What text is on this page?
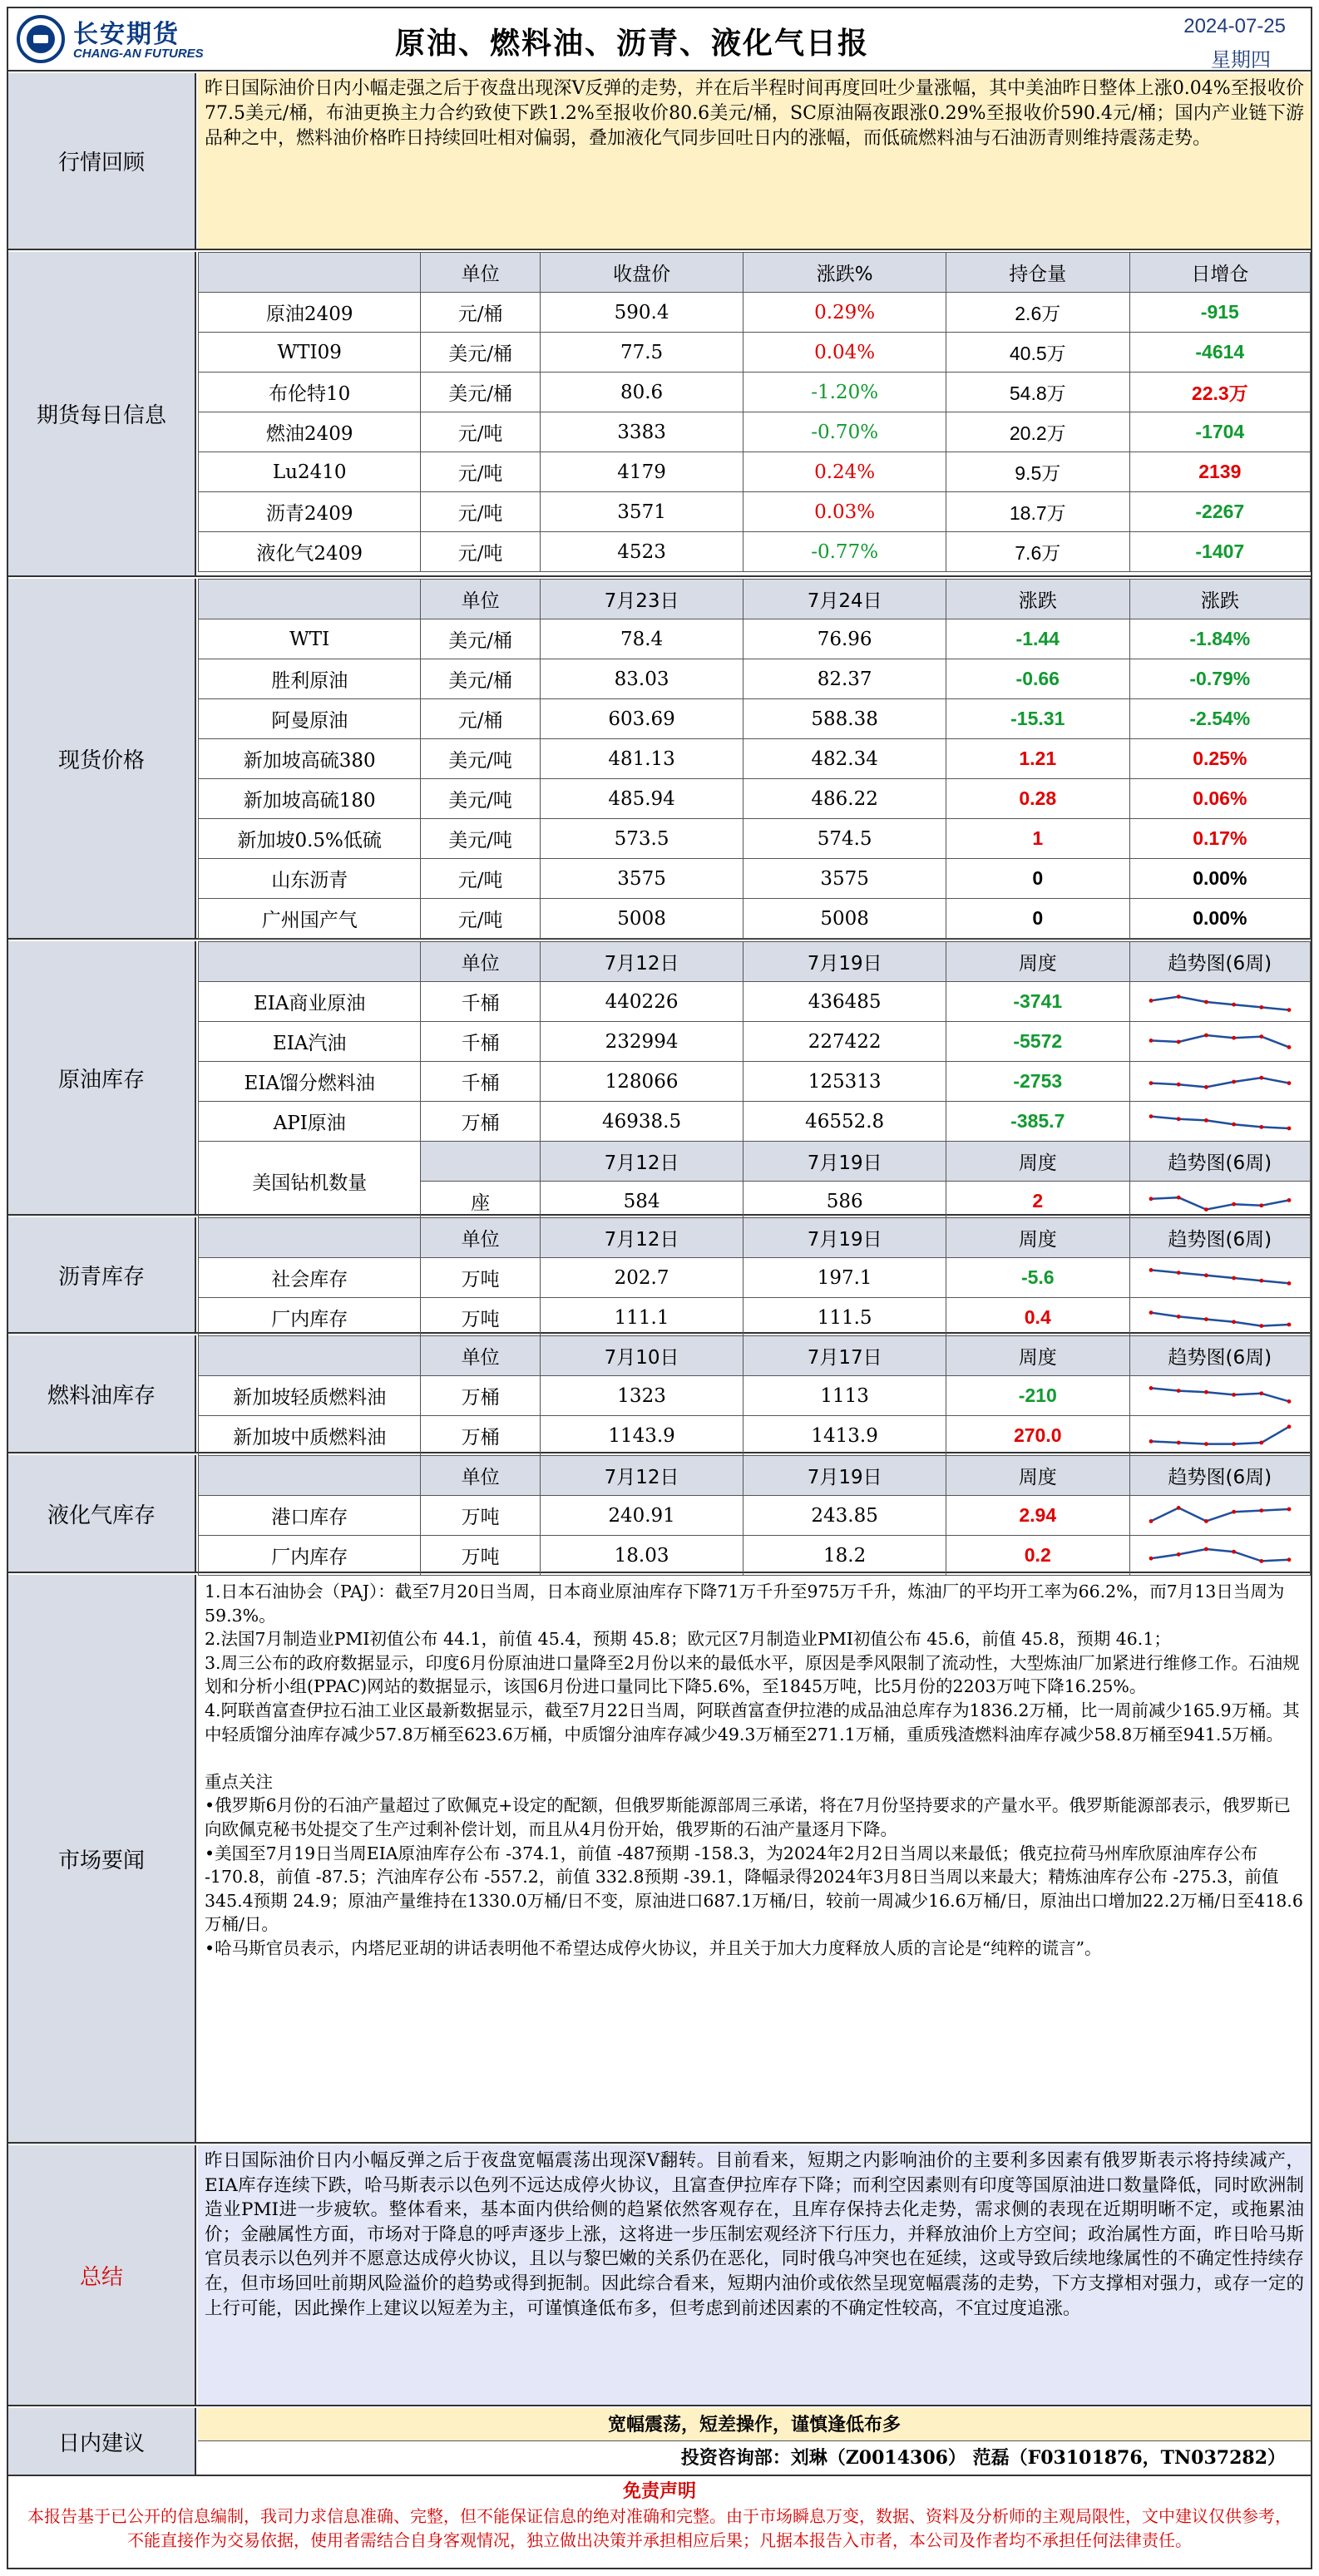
长安期货
CHANG-AN FUTURES	原油、燃料油、沥青、液化气日报
2024-07-25
星期四
行情回顾
昨日国际油价日内小幅走强之后于夜盘出现深V反弹的走势，并在后半程时间再度回吐少量涨幅，其中美油昨日整体上涨0.04%至报收价77.5美元/桶，布油更换主力合约致使下跌1.2%至报收价80.6美元/桶，SC原油隔夜跟涨0.29%至报收价590.4元/桶；国内产业链下游品种之中，燃料油价格昨日持续回吐相对偏弱，叠加液化气同步回吐日内的涨幅，而低硫燃料油与石油沥青则维持震荡走势。
期货每日信息
	单位	收盘价	涨跌%	持仓量	日增仓
原油2409	元/桶	590.4	0.29%	2.6万	-915
WTI09	美元/桶	77.5	0.04%	40.5万	-4614
布伦特10	美元/桶	80.6	-1.20%	54.8万	22.3万
燃油2409	元/吨	3383	-0.70%	20.2万	-1704
Lu2410	元/吨	4179	0.24%	9.5万	2139
沥青2409	元/吨	3571	0.03%	18.7万	-2267
液化气2409	元/吨	4523	-0.77%	7.6万	-1407
现货价格
	单位	7月23日	7月24日	涨跌	涨跌
WTI	美元/桶	78.4	76.96	-1.44	-1.84%
胜利原油	美元/桶	83.03	82.37	-0.66	-0.79%
阿曼原油	元/桶	603.69	588.38	-15.31	-2.54%
新加坡高硫380	美元/吨	481.13	482.34	1.21	0.25%
新加坡高硫180	美元/吨	485.94	486.22	0.28	0.06%
新加坡0.5%低硫	美元/吨	573.5	574.5	1	0.17%
山东沥青	元/吨	3575	3575	0	0.00%
广州国产气	元/吨	5008	5008	0	0.00%
原油库存
	单位	7月12日	7月19日	周度	趋势图(6周)
EIA商业原油	千桶	440226	436485	-3741	

EIA汽油	千桶	232994	227422	-5572	

EIA馏分燃料油	千桶	128066	125313	-2753	

API原油	万桶	46938.5	46552.8	-385.7	

美国钻机数量		7月12日	7月19日	周度	趋势图(6周)
	座	584	586	2	
沥青库存
	单位	7月12日	7月19日	周度	趋势图(6周)
社会库存	万吨	202.7	197.1	-5.6	

厂内库存	万吨	111.1	111.5	0.4	
燃料油库存
	单位	7月10日	7月17日	周度	趋势图(6周)
新加坡轻质燃料油	万桶	1323	1113	-210	

新加坡中质燃料油	万桶	1143.9	1413.9	270.0	
液化气库存
	单位	7月12日	7月19日	周度	趋势图(6周)
港口库存	万吨	240.91	243.85	2.94	

厂内库存	万吨	18.03	18.2	0.2	
市场要闻

1.日本石油协会（PAJ）：截至7月20日当周，日本商业原油库存下降71万千升至975万千升，炼油厂的平均开工率为66.2%，而7月13日当周为59.3%。

2.法国7月制造业PMI初值公布 44.1，前值 45.4，预期 45.8；欧元区7月制造业PMI初值公布 45.6，前值 45.8，预期 46.1；

3.周三公布的政府数据显示，印度6月份原油进口量降至2月份以来的最低水平，原因是季风限制了流动性，大型炼油厂加紧进行维修工作。石油规划和分析小组(PPAC)网站的数据显示，该国6月份进口量同比下降5.6%，至1845万吨，比5月份的2203万吨下降16.25%。

4.阿联酋富查伊拉石油工业区最新数据显示，截至7月22日当周，阿联酋富查伊拉港的成品油总库存为1836.2万桶，比一周前减少165.9万桶。其中轻质馏分油库存减少57.8万桶至623.6万桶，中质馏分油库存减少49.3万桶至271.1万桶，重质残渣燃料油库存减少58.8万桶至941.5万桶。

重点关注

•俄罗斯6月份的石油产量超过了欧佩克+设定的配额，但俄罗斯能源部周三承诺，将在7月份坚持要求的产量水平。俄罗斯能源部表示，俄罗斯已向欧佩克秘书处提交了生产过剩补偿计划，而且从4月份开始，俄罗斯的石油产量逐月下降。

•美国至7月19日当周EIA原油库存公布 -374.1，前值 -487预期 -158.3，为2024年2月2日当周以来最低；俄克拉荷马州库欣原油库存公布 -170.8，前值 -87.5；汽油库存公布 -557.2，前值 332.8预期 -39.1，降幅录得2024年3月8日当周以来最大；精炼油库存公布 -275.3，前值 345.4预期 24.9；原油产量维持在1330.0万桶/日不变，原油进口687.1万桶/日，较前一周减少16.6万桶/日，原油出口增加22.2万桶/日至418.6万桶/日。

•哈马斯官员表示，内塔尼亚胡的讲话表明他不希望达成停火协议，并且关于加大力度释放人质的言论是“纯粹的谎言”。

总结
昨日国际油价日内小幅反弹之后于夜盘宽幅震荡出现深V翻转。目前看来，短期之内影响油价的主要利多因素有俄罗斯表示将持续减产，EIA库存连续下跌，哈马斯表示以色列不远达成停火协议，且富查伊拉库存下降；而利空因素则有印度等国原油进口数量降低，同时欧洲制造业PMI进一步疲软。整体看来，基本面内供给侧的趋紧依然客观存在，且库存保持去化走势，需求侧的表现在近期明晰不定，或拖累油价；金融属性方面，市场对于降息的呼声逐步上涨，这将进一步压制宏观经济下行压力，并释放油价上方空间；政治属性方面，昨日哈马斯官员表示以色列并不愿意达成停火协议，且以与黎巴嫩的关系仍在恶化，同时俄乌冲突也在延续，这或导致后续地缘属性的不确定性持续存在，但市场回吐前期风险溢价的趋势或得到扼制。因此综合看来，短期内油价或依然呈现宽幅震荡的走势，下方支撑相对强力，或存一定的上行可能，因此操作上建议以短差为主，可谨慎逢低布多，但考虑到前述因素的不确定性较高，不宜过度追涨。
日内建议
宽幅震荡，短差操作，谨慎逢低布多
投资咨询部：刘琳（Z0014306） 范磊（F03101876，TN037282）
免责声明
本报告基于已公开的信息编制，我司力求信息准确、完整，但不能保证信息的绝对准确和完整。由于市场瞬息万变，数据、资料及分析师的主观局限性，文中建议仅供参考，不能直接作为交易依据，使用者需结合自身客观情况，独立做出决策并承担相应后果；凡据本报告入市者，本公司及作者均不承担任何法律责任。
